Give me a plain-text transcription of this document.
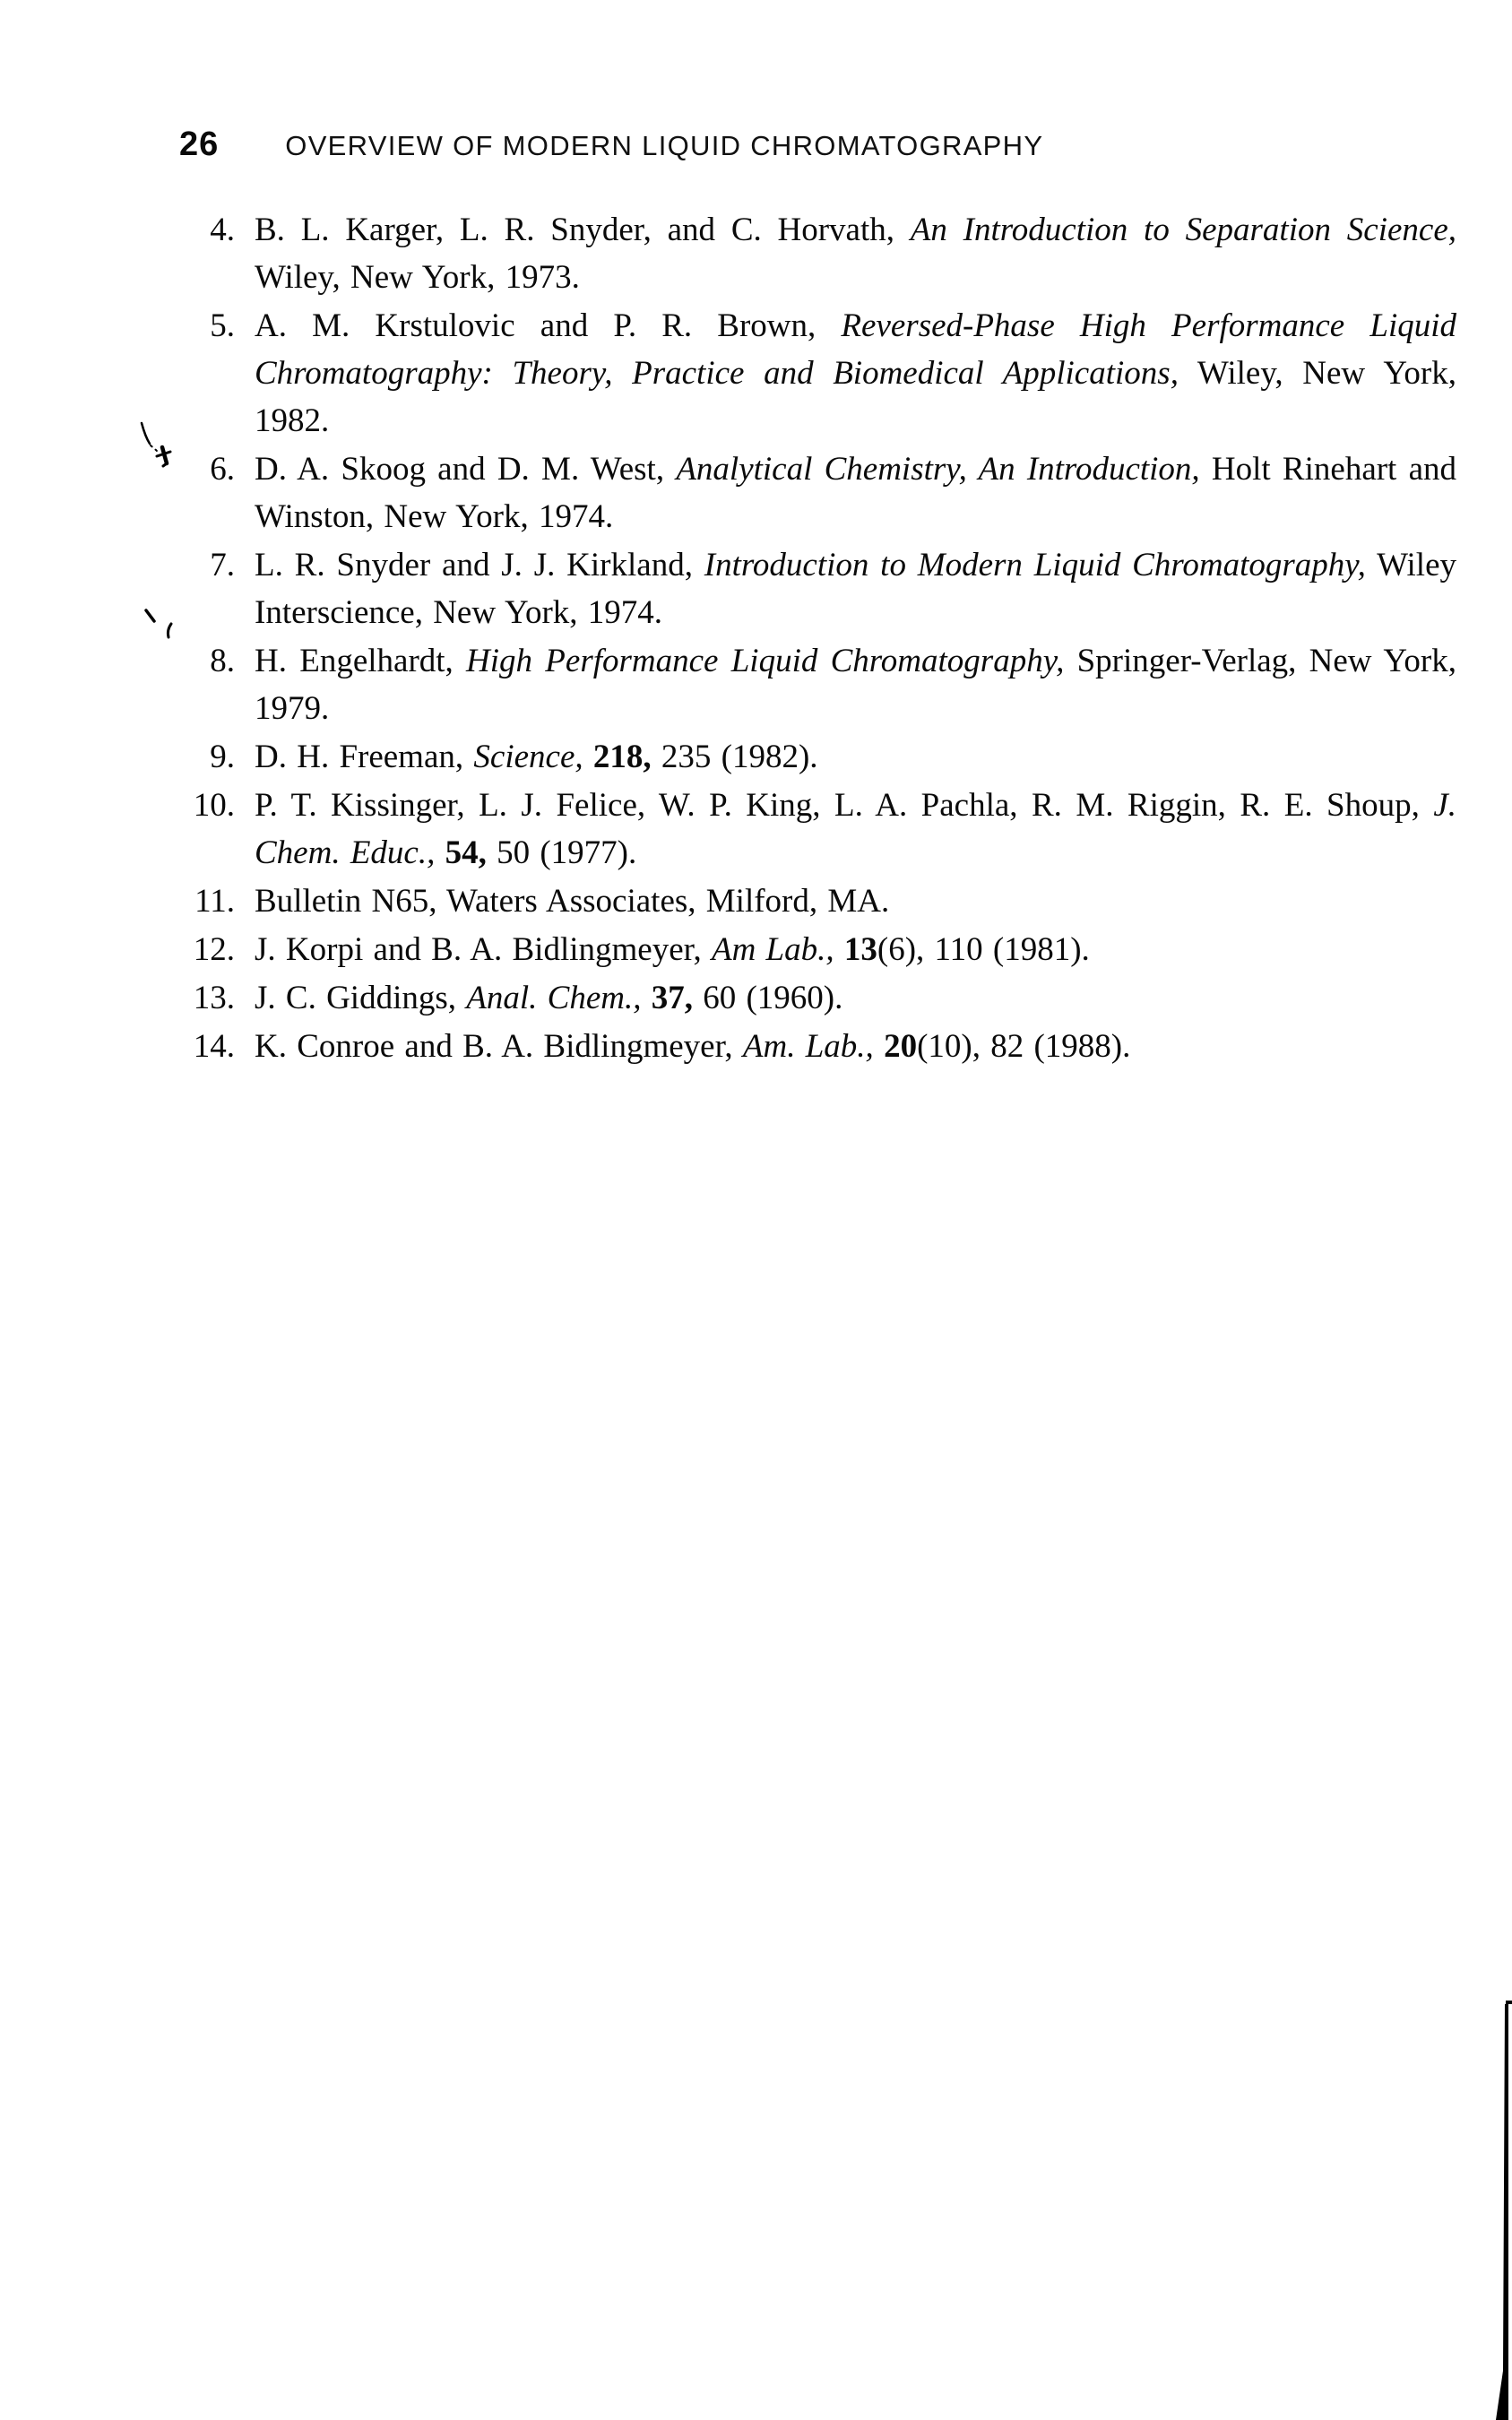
26 OVERVIEW OF MODERN LIQUID CHROMATOGRAPHY
4. B. L. Karger, L. R. Snyder, and C. Horvath, An Introduction to Separation Science, Wiley, New York, 1973.
5. A. M. Krstulovic and P. R. Brown, Reversed-Phase High Performance Liquid Chromatography: Theory, Practice and Biomedical Applications, Wiley, New York, 1982.
6. D. A. Skoog and D. M. West, Analytical Chemistry, An Introduction, Holt Rinehart and Winston, New York, 1974.
7. L. R. Snyder and J. J. Kirkland, Introduction to Modern Liquid Chromatography, Wiley Interscience, New York, 1974.
8. H. Engelhardt, High Performance Liquid Chromatography, Springer-Verlag, New York, 1979.
9. D. H. Freeman, Science, 218, 235 (1982).
10. P. T. Kissinger, L. J. Felice, W. P. King, L. A. Pachla, R. M. Riggin, R. E. Shoup, J. Chem. Educ., 54, 50 (1977).
11. Bulletin N65, Waters Associates, Milford, MA.
12. J. Korpi and B. A. Bidlingmeyer, Am Lab., 13(6), 110 (1981).
13. J. C. Giddings, Anal. Chem., 37, 60 (1960).
14. K. Conroe and B. A. Bidlingmeyer, Am. Lab., 20(10), 82 (1988).
